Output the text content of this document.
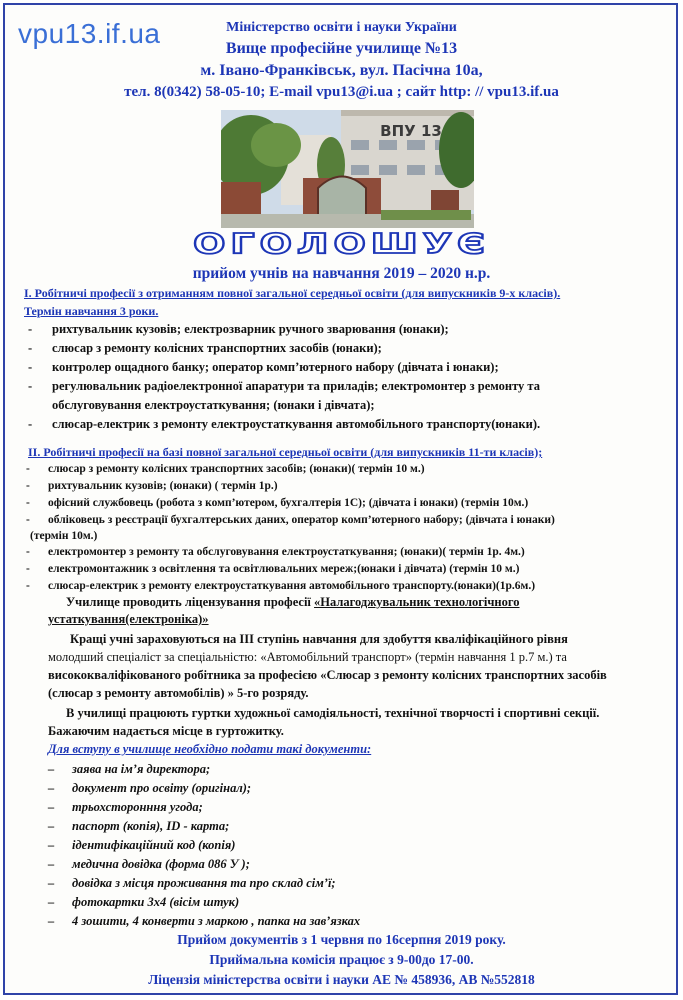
vpu13.if.ua	Міністерство освіти і науки України
Вище професійне училище №13
м. Івано-Франківськ, вул. Пасічна 10а,
тел. 8(0342) 58-05-10; E-mail vpu13@i.ua ; сайт http: // vpu13.if.ua
ВПУ 13
ОГОЛОШУЄ
прийом учнів на навчання 2019 – 2020 н.р.
І. Робітничі професії з отриманням повної загальної середньої освіти (для випускників 9-х класів).
Термін навчання 3 роки.
- рихтувальник кузовів; електрозварник ручного зварювання (юнаки);
- слюсар з ремонту колісних транспортних засобів (юнаки);
- контролер ощадного банку; оператор комп’ютерного набору (дівчата і юнаки);
- регулювальник радіоелектронної апаратури та приладів; електромонтер з ремонту та
обслуговування електроустаткування; (юнаки і дівчата);
- слюсар-електрик з ремонту електроустаткування автомобільного транспорту(юнаки).
ІІ. Робітничі професії на базі повної загальної середньої освіти (для випускників 11-ти класів);
- слюсар з ремонту колісних транспортних засобів; (юнаки)( термін 10 м.)
- рихтувальник кузовів; (юнаки) ( термін 1р.)
- офісний службовець (робота з комп’ютером, бухгалтерія 1С); (дівчата і юнаки) (термін 10м.)
- обліковець з реєстрації бухгалтерських даних, оператор комп’ютерного набору; (дівчата і юнаки)
(термін 10м.)
- електромонтер з ремонту та обслуговування електроустаткування; (юнаки)( термін 1р. 4м.)
- електромонтажник з освітлення та освітлювальних мереж;(юнаки і дівчата) (термін 10 м.)
- слюсар-електрик з ремонту електроустаткування автомобільного транспорту.(юнаки)(1р.6м.)
Училище проводить ліцензування професії «Налагоджувальник технологічного
устаткування(електроніка)»
Кращі учні зараховуються на ІІІ ступінь навчання для здобуття кваліфікаційного рівня
молодший спеціаліст за спеціальністю: «Автомобільний транспорт» (термін навчання 1 р.7 м.) та
висококваліфікованого робітника за професією «Слюсар з ремонту колісних транспортних засобів
(слюсар з ремонту автомобілів) » 5-го розряду.
В училищі працюють гуртки художньої самодіяльності, технічної творчості і спортивні секції.
Бажаючим надається місце в гуртожитку.
Для вступу в училище необхідно подати такі документи:
– заява на ім’я директора;
– документ про освіту (оригінал);
– трьохсторонння угода;
– паспорт (копія), ID - карта;
– ідентифікаційний код (копія)
– медична довідка (форма 086 У );
– довідка з місця проживання та про склад сім’ї;
– фотокартки 3х4 (вісім штук)
– 4 зошити, 4 конверти з маркою , папка на зав’язках
Прийом документів з 1 червня по 16серпня 2019 року.
Приймальна комісія працює з 9-00до 17-00.
Ліцензія міністерства освіти і науки АЕ № 458936, АВ №552818
